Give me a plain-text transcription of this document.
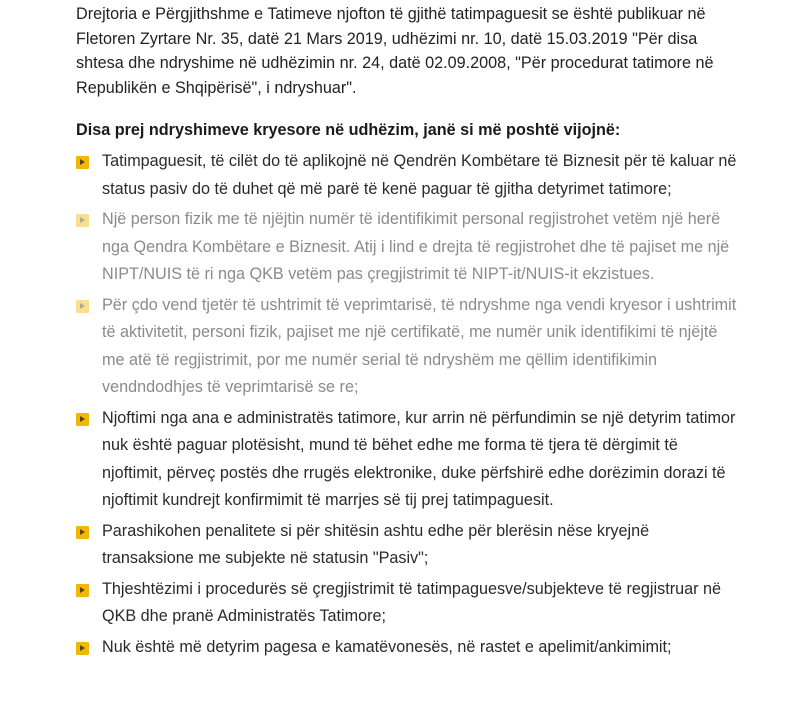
Drejtoria e Përgjithshme e Tatimeve njofton të gjithë tatimpaguesit se është publikuar në Fletoren Zyrtare Nr. 35, datë 21 Mars 2019, udhëzimi nr. 10, datë 15.03.2019 "Për disa shtesa dhe ndryshime në udhëzimin nr. 24, datë 02.09.2008, "Për procedurat tatimore në Republikën e Shqipërisë", i ndryshuar".

Disa prej ndryshimeve kryesore në udhëzim, janë si më poshtë vijojnë:
Tatimpaguesit, të cilët do të aplikojnë në Qendrën Kombëtare të Biznesit për të kaluar në status pasiv do të duhet që më parë të kenë paguar të gjitha detyrimet tatimore;
Një person fizik me të njëjtin numër të identifikimit personal regjistrohet vetëm një herë nga Qendra Kombëtare e Biznesit. Atij i lind e drejta të regjistrohet dhe të pajiset me një NIPT/NUIS të ri nga QKB vetëm pas çregjistrimit të NIPT-it/NUIS-it ekzistues.
Për çdo vend tjetër të ushtrimit të veprimtarisë, të ndryshme nga vendi kryesor i ushtrimit të aktivitetit, personi fizik, pajiset me një certifikatë, me numër unik identifikimi të njëjtë me atë të regjistrimit, por me numër serial të ndryshëm me qëllim identifikimin vendndodhjes të veprimtarisë se re;
Njoftimi nga ana e administratës tatimore, kur arrin në përfundimin se një detyrim tatimor nuk është paguar plotësisht, mund të bëhet edhe me forma të tjera të dërgimit të njoftimit, përveç postës dhe rrugës elektronike, duke përfshirë edhe dorëzimin dorazi të njoftimit kundrejt konfirmimit të marrjes së tij prej tatimpaguesit.
Parashikohen penalitete si për shitësin ashtu edhe për blerësin nëse kryejnë transaksione me subjekte në statusin "Pasiv";
Thjeshtëzimi i procedurës së çregjistrimit të tatimpaguesve/subjekteve të regjistruar në QKB dhe pranë Administratës Tatimore;
Nuk është më detyrim pagesa e kamatëvonesës, në rastet e apelimit/ankimimit;
